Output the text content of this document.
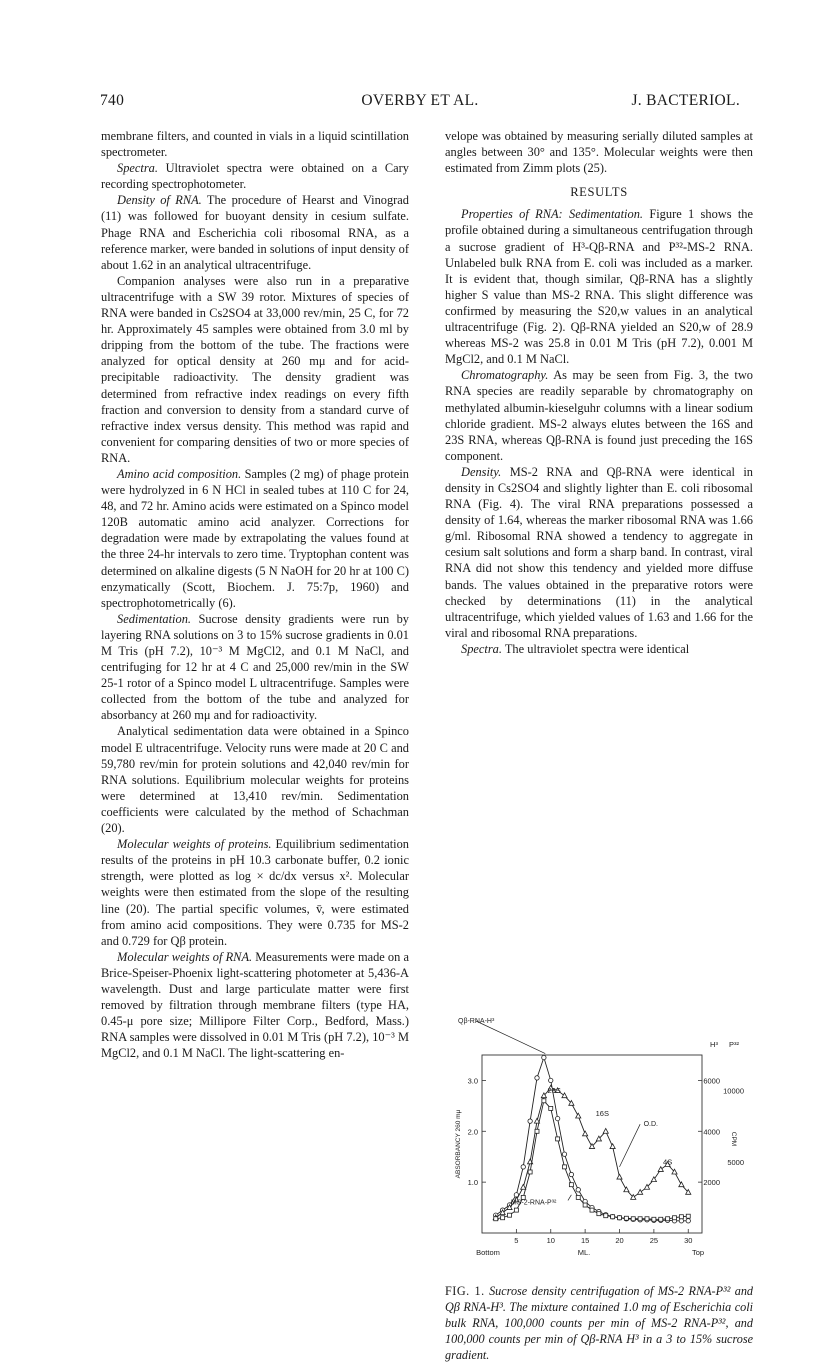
740	OVERBY ET AL.	J. BACTERIOL.

membrane filters, and counted in vials in a liquid scintillation spectrometer.

Spectra. Ultraviolet spectra were obtained on a Cary recording spectrophotometer.

Density of RNA. The procedure of Hearst and Vinograd (11) was followed for buoyant density in cesium sulfate. Phage RNA and Escherichia coli ribosomal RNA, as a reference marker, were banded in solutions of input density of about 1.62 in an analytical ultracentrifuge.

Companion analyses were also run in a preparative ultracentrifuge with a SW 39 rotor. Mixtures of species of RNA were banded in Cs2SO4 at 33,000 rev/min, 25 C, for 72 hr. Approximately 45 samples were obtained from 3.0 ml by dripping from the bottom of the tube. The fractions were analyzed for optical density at 260 mμ and for acid-precipitable radioactivity. The density gradient was determined from refractive index readings on every fifth fraction and conversion to density from a standard curve of refractive index versus density. This method was rapid and convenient for comparing densities of two or more species of RNA.

Amino acid composition. Samples (2 mg) of phage protein were hydrolyzed in 6 N HCl in sealed tubes at 110 C for 24, 48, and 72 hr. Amino acids were estimated on a Spinco model 120B automatic amino acid analyzer. Corrections for degradation were made by extrapolating the values found at the three 24-hr intervals to zero time. Tryptophan content was determined on alkaline digests (5 N NaOH for 20 hr at 100 C) enzymatically (Scott, Biochem. J. 75:7p, 1960) and spectrophotometrically (6).

Sedimentation. Sucrose density gradients were run by layering RNA solutions on 3 to 15% sucrose gradients in 0.01 M Tris (pH 7.2), 10⁻³ M MgCl2, and 0.1 M NaCl, and centrifuging for 12 hr at 4 C and 25,000 rev/min in the SW 25-1 rotor of a Spinco model L ultracentrifuge. Samples were collected from the bottom of the tube and analyzed for absorbancy at 260 mμ and for radioactivity.

Analytical sedimentation data were obtained in a Spinco model E ultracentrifuge. Velocity runs were made at 20 C and 59,780 rev/min for protein solutions and 42,040 rev/min for RNA solutions. Equilibrium molecular weights for proteins were determined at 13,410 rev/min. Sedimentation coefficients were calculated by the method of Schachman (20).

Molecular weights of proteins. Equilibrium sedimentation results of the proteins in pH 10.3 carbonate buffer, 0.2 ionic strength, were plotted as log × dc/dx versus x². Molecular weights were then estimated from the slope of the resulting line (20). The partial specific volumes, v̄, were estimated from amino acid compositions. They were 0.735 for MS-2 and 0.729 for Qβ protein.

Molecular weights of RNA. Measurements were made on a Brice-Speiser-Phoenix light-scattering photometer at 5,436-A wavelength. Dust and large particulate matter were first removed by filtration through membrane filters (type HA, 0.45-μ pore size; Millipore Filter Corp., Bedford, Mass.) RNA samples were dissolved in 0.01 M Tris (pH 7.2), 10⁻³ M MgCl2, and 0.1 M NaCl. The light-scattering en-

velope was obtained by measuring serially diluted samples at angles between 30° and 135°. Molecular weights were then estimated from Zimm plots (25).

RESULTS

Properties of RNA: Sedimentation. Figure 1 shows the profile obtained during a simultaneous centrifugation through a sucrose gradient of H³-Qβ-RNA and P³²-MS-2 RNA. Unlabeled bulk RNA from E. coli was included as a marker. It is evident that, though similar, Qβ-RNA has a slightly higher S value than MS-2 RNA. This slight difference was confirmed by measuring the S20,w values in an analytical ultracentrifuge (Fig. 2). Qβ-RNA yielded an S20,w of 28.9 whereas MS-2 was 25.8 in 0.01 M Tris (pH 7.2), 0.001 M MgCl2, and 0.1 M NaCl.

Chromatography. As may be seen from Fig. 3, the two RNA species are readily separable by chromatography on methylated albumin-kieselguhr columns with a linear sodium chloride gradient. MS-2 always elutes between the 16S and 23S RNA, whereas Qβ-RNA is found just preceding the 16S component.

Density. MS-2 RNA and Qβ-RNA were identical in density in Cs2SO4 and slightly lighter than E. coli ribosomal RNA (Fig. 4). The viral RNA preparations possessed a density of 1.64, whereas the marker ribosomal RNA was 1.66 g/ml. Ribosomal RNA showed a tendency to aggregate in cesium salt solutions and form a sharp band. In contrast, viral RNA did not show this tendency and yielded more diffuse bands. The values obtained in the preparative rotors were checked by determinations (11) in the analytical ultracentrifuge, which yielded values of 1.63 and 1.66 for the viral and ribosomal RNA preparations.

Spectra. The ultraviolet spectra were identical

5	10	15	20	25	30
Bottom	Top
ML.
1.0
2.0
3.0
ABSORBANCY 260 mμ
2000
4000
6000
5000
10000
H³ P³²
CPM
Qβ-RNA-H³
O.D.
MS-2-RNA-P³²
23S
16S
4S
FIG. 1. Sucrose density centrifugation of MS-2 RNA-P³² and Qβ RNA-H³. The mixture contained 1.0 mg of Escherichia coli bulk RNA, 100,000 counts per min of MS-2 RNA-P³², and 100,000 counts per min of Qβ-RNA H³ in a 3 to 15% sucrose gradient.
